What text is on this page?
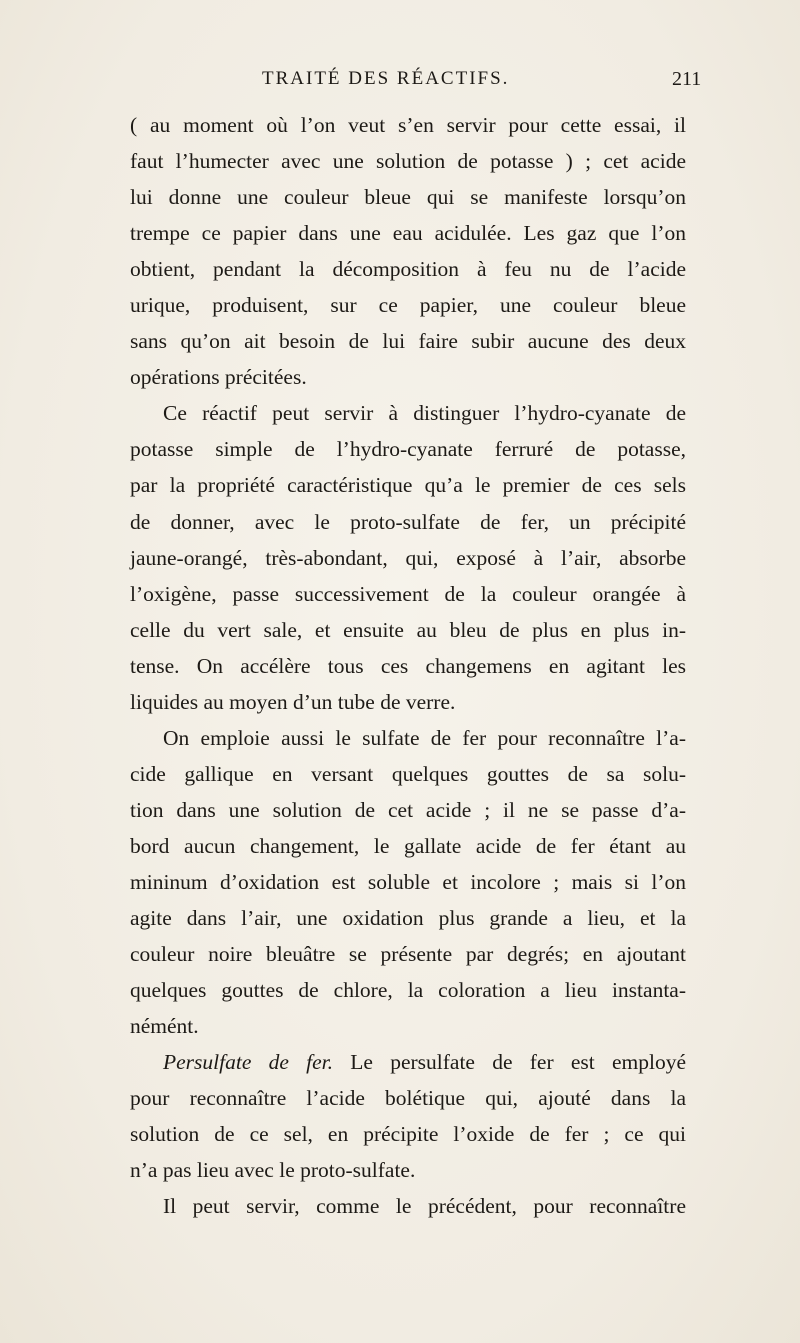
TRAITÉ DES RÉACTIFS.	211
( au moment où l’on veut s’en servir pour cette essai, il
faut l’humecter avec une solution de potasse ) ; cet acide
lui donne une couleur bleue qui se manifeste lorsqu’on
trempe ce papier dans une eau acidulée. Les gaz que l’on
obtient, pendant la décomposition à feu nu de l’acide
urique, produisent, sur ce papier, une couleur bleue
sans qu’on ait besoin de lui faire subir aucune des deux
opérations précitées.
Ce réactif peut servir à distinguer l’hydro-cyanate de
potasse simple de l’hydro-cyanate ferruré de potasse,
par la propriété caractéristique qu’a le premier de ces sels
de donner, avec le proto-sulfate de fer, un précipité
jaune-orangé, très-abondant, qui, exposé à l’air, absorbe
l’oxigène, passe successivement de la couleur orangée à
celle du vert sale, et ensuite au bleu de plus en plus in-
tense. On accélère tous ces changemens en agitant les
liquides au moyen d’un tube de verre.
On emploie aussi le sulfate de fer pour reconnaître l’a-
cide gallique en versant quelques gouttes de sa solu-
tion dans une solution de cet acide ; il ne se passe d’a-
bord aucun changement, le gallate acide de fer étant au
mininum d’oxidation est soluble et incolore ; mais si l’on
agite dans l’air, une oxidation plus grande a lieu, et la
couleur noire bleuâtre se présente par degrés; en ajoutant
quelques gouttes de chlore, la coloration a lieu instanta-
némént.
Persulfate de fer. Le persulfate de fer est employé
pour reconnaître l’acide bolétique qui, ajouté dans la
solution de ce sel, en précipite l’oxide de fer ; ce qui
n’a pas lieu avec le proto-sulfate.
Il peut servir, comme le précédent, pour reconnaître
